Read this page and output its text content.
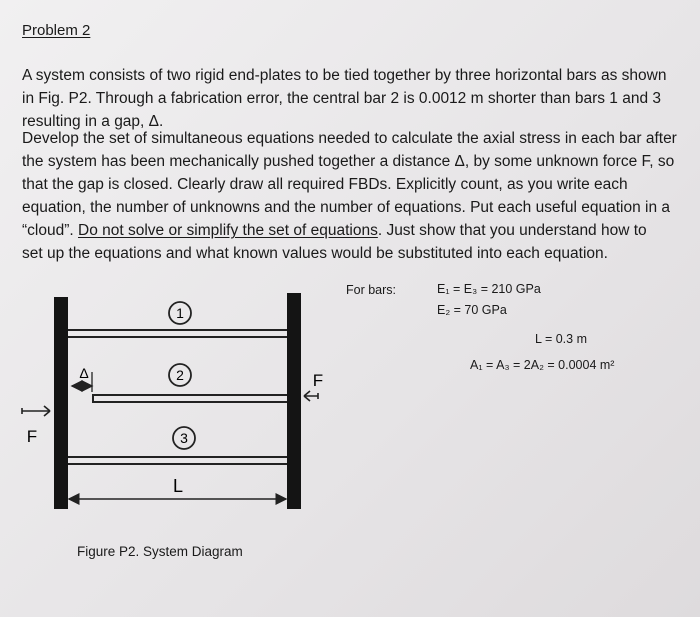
Problem 2

A system consists of two rigid end-plates to be tied together by three horizontal bars as shown
in Fig. P2. Through a fabrication error, the central bar 2 is 0.0012 m shorter than bars 1 and 3
resulting in a gap, Δ.

Develop the set of simultaneous equations needed to calculate the axial stress in each bar after
the system has been mechanically pushed together a distance Δ, by some unknown force F, so
that the gap is closed. Clearly draw all required FBDs. Explicitly count, as you write each
equation, the number of unknowns and the number of equations. Put each useful equation in a
“cloud”. Do not solve or simplify the set of equations. Just show that you understand how to
set up the equations and what known values would be substituted into each equation.

For bars:	E₁ = E₃ = 210 GPa
E₂ = 70 GPa
L = 0.3 m
A₁ = A₃ = 2A₂ = 0.0004 m²
1
2
3
Δ
L
F
F
Figure P2. System Diagram
